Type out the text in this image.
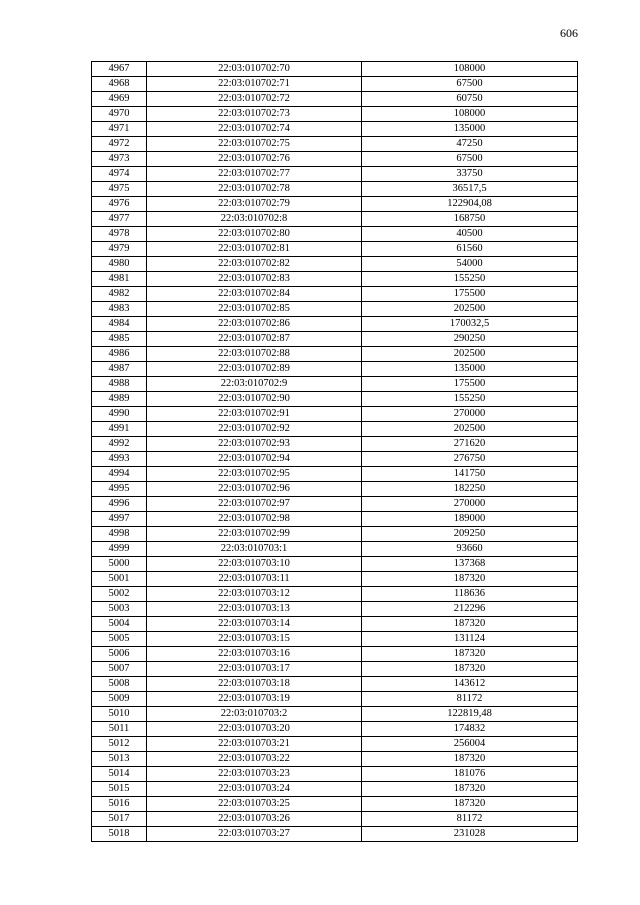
606
4967	22:03:010702:70	108000
4968	22:03:010702:71	67500
4969	22:03:010702:72	60750
4970	22:03:010702:73	108000
4971	22:03:010702:74	135000
4972	22:03:010702:75	47250
4973	22:03:010702:76	67500
4974	22:03:010702:77	33750
4975	22:03:010702:78	36517,5
4976	22:03:010702:79	122904,08
4977	22:03:010702:8	168750
4978	22:03:010702:80	40500
4979	22:03:010702:81	61560
4980	22:03:010702:82	54000
4981	22:03:010702:83	155250
4982	22:03:010702:84	175500
4983	22:03:010702:85	202500
4984	22:03:010702:86	170032,5
4985	22:03:010702:87	290250
4986	22:03:010702:88	202500
4987	22:03:010702:89	135000
4988	22:03:010702:9	175500
4989	22:03:010702:90	155250
4990	22:03:010702:91	270000
4991	22:03:010702:92	202500
4992	22:03:010702:93	271620
4993	22:03:010702:94	276750
4994	22:03:010702:95	141750
4995	22:03:010702:96	182250
4996	22:03:010702:97	270000
4997	22:03:010702:98	189000
4998	22:03:010702:99	209250
4999	22:03:010703:1	93660
5000	22:03:010703:10	137368
5001	22:03:010703:11	187320
5002	22:03:010703:12	118636
5003	22:03:010703:13	212296
5004	22:03:010703:14	187320
5005	22:03:010703:15	131124
5006	22:03:010703:16	187320
5007	22:03:010703:17	187320
5008	22:03:010703:18	143612
5009	22:03:010703:19	81172
5010	22:03:010703:2	122819,48
5011	22:03:010703:20	174832
5012	22:03:010703:21	256004
5013	22:03:010703:22	187320
5014	22:03:010703:23	181076
5015	22:03:010703:24	187320
5016	22:03:010703:25	187320
5017	22:03:010703:26	81172
5018	22:03:010703:27	231028
